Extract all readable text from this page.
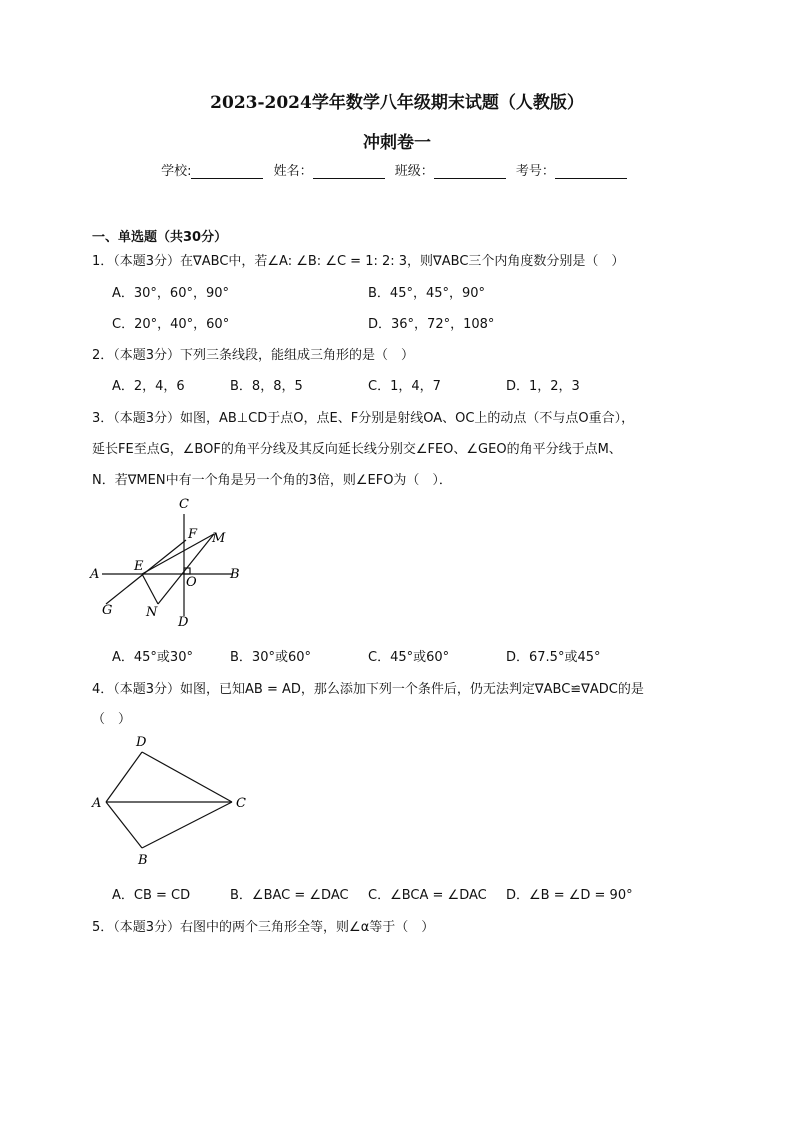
2023-2024学年数学八年级期末试题（人教版）
冲刺卷一
学校:	姓名：	班级：	考号：
一、单选题（共30分）
1．（本题3分）在∇ABC中，若∠A: ∠B: ∠C = 1: 2: 3，则∇ABC三个内角度数分别是（　）
A．30°，60°，90°	B．45°，45°，90°
C．20°，40°，60°	D．36°，72°，108°
2．（本题3分）下列三条线段，能组成三角形的是（　）
A．2，4，6	B．8，8，5	C．1，4，7	D．1，2，3
3．（本题3分）如图，AB⊥CD于点O，点E、F分别是射线OA、OC上的动点（不与点O重合），
延长FE至点G，∠BOF的角平分线及其反向延长线分别交∠FEO、∠GEO的角平分线于点M、
N．若∇MEN中有一个角是另一个角的3倍，则∠EFO为（　）．
C
F M
A
E
O
B
G	N
D
A．45°或30°	B．30°或60°	C．45°或60°	D．67.5°或45°
4．（本题3分）如图，已知AB = AD，那么添加下列一个条件后，仍无法判定∇ABC≌∇ADC的是
（　）
D
A	C
B
A．CB = CD	B．∠BAC = ∠DAC C．∠BCA = ∠DAC D．∠B = ∠D = 90°
5．（本题3分）右图中的两个三角形全等，则∠α等于（　）
